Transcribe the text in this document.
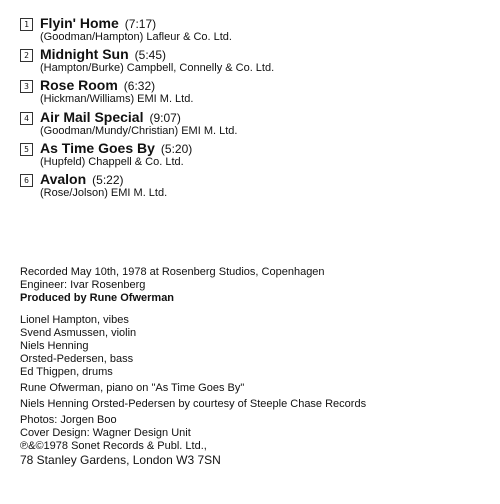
1 Flyin' Home (7:17)
(Goodman/Hampton) Lafleur & Co. Ltd.
2 Midnight Sun (5:45)
(Hampton/Burke) Campbell, Connelly & Co. Ltd.
3 Rose Room (6:32)
(Hickman/Williams) EMI M. Ltd.
4 Air Mail Special (9:07)
(Goodman/Mundy/Christian) EMI M. Ltd.
5 As Time Goes By (5:20)
(Hupfeld) Chappell & Co. Ltd.
6 Avalon (5:22)
(Rose/Jolson) EMI M. Ltd.
Recorded May 10th, 1978 at Rosenberg Studios, Copenhagen
Engineer: Ivar Rosenberg
Produced by Rune Ofwerman
Lionel Hampton, vibes
Svend Asmussen, violin
Niels Henning
Orsted-Pedersen, bass
Ed Thigpen, drums
Rune Ofwerman, piano on "As Time Goes By"
Niels Henning Orsted-Pedersen by courtesy of Steeple Chase Records
Photos: Jorgen Boo
Cover Design: Wagner Design Unit
℗&©1978 Sonet Records & Publ. Ltd.,
78 Stanley Gardens, London W3 7SN
